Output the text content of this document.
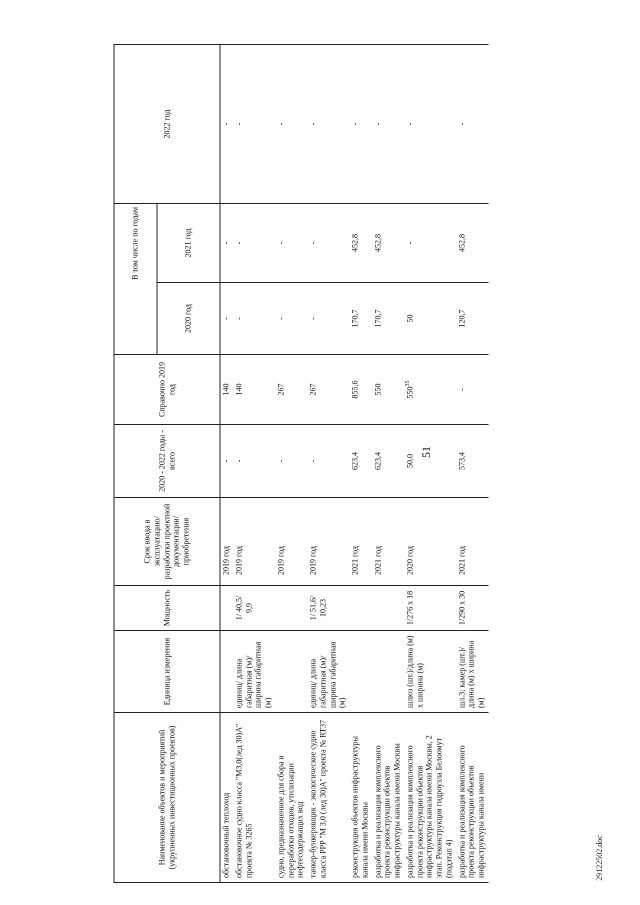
51
29122502.doc
Наименование объектов и мероприятий (укрупненных инвестиционных проектов)	Единица измерения	Мощность	Срок ввода в эксплуатацию/ разработки проектной документации/ приобретения	2020 - 2022 годы - всего	Справочно 2019 год	В том числе по годам		2022 год
						2020 год	2021 год	
обстановочный теплоход			2019 год	-	140	-	-	-
обстановочное судно класса "М3,0(лед 30)А" проекта № 3265	единиц/ длина габаритная (м)/ширина габаритная (м)	1/ 40,5/ 9,9	2019 год	-	140	-	-	-
судно, предназначенное для сбора и переработки отходов, утилизации нефтесодержащих вод			2019 год	-	267	-	-	-
танкер-бункеровщик - экологическое судно класса РРР "М 3,0 (лед 30)А" проекта № RT37	единиц/ длина габаритная (м)/ширина габаритная (м)	1/ 51,6/ 10,23	2019 год	-	267	-	-	-
реконструкция объектов инфраструктуры канала имени Москвы			2021 год	623,4	855,6	170,7	452,8	-
разработка и реализация комплексного проекта реконструкции объектов инфраструктуры канала имени Москвы			2021 год	623,4	550	170,7	452,8	-
разработка и реализация комплексного проекта реконструкции объектов инфраструктуры канала имени Москвы, 2 этап. Реконструкция гидроузла Белоомут (подэтап 4)	шлюз (шт.)/длина (м) х ширина (м)	1/276 х 18	2020 год	50,0	$550^{35}$	50	-	-
разработка и реализация комплексного проекта реконструкции объектов инфраструктуры канала имени	шл.3; камер (шт.)/ длина (м) х ширина (м)	1/290 х 30	2021 год	573,4	-	120,7	452,8	-
